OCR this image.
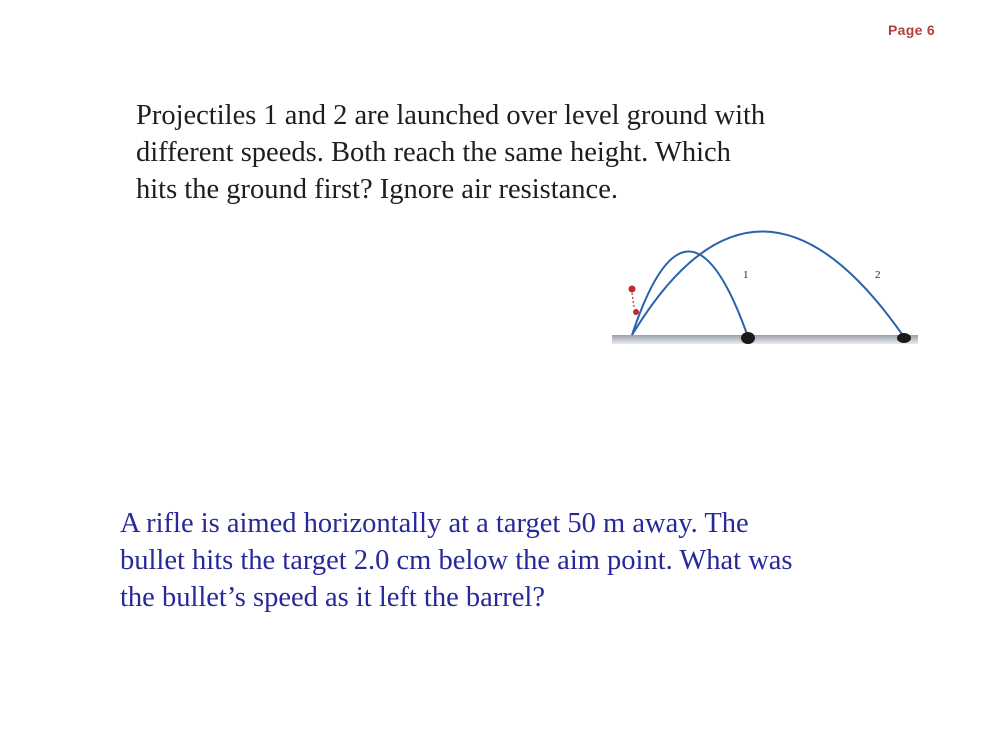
Page 6

Projectiles 1 and 2 are launched over level ground with
different speeds. Both reach the same height. Which
hits the ground first? Ignore air resistance.

1	2

A rifle is aimed horizontally at a target 50 m away. The
bullet hits the target 2.0 cm below the aim point. What was
the bullet’s speed as it left the barrel?
